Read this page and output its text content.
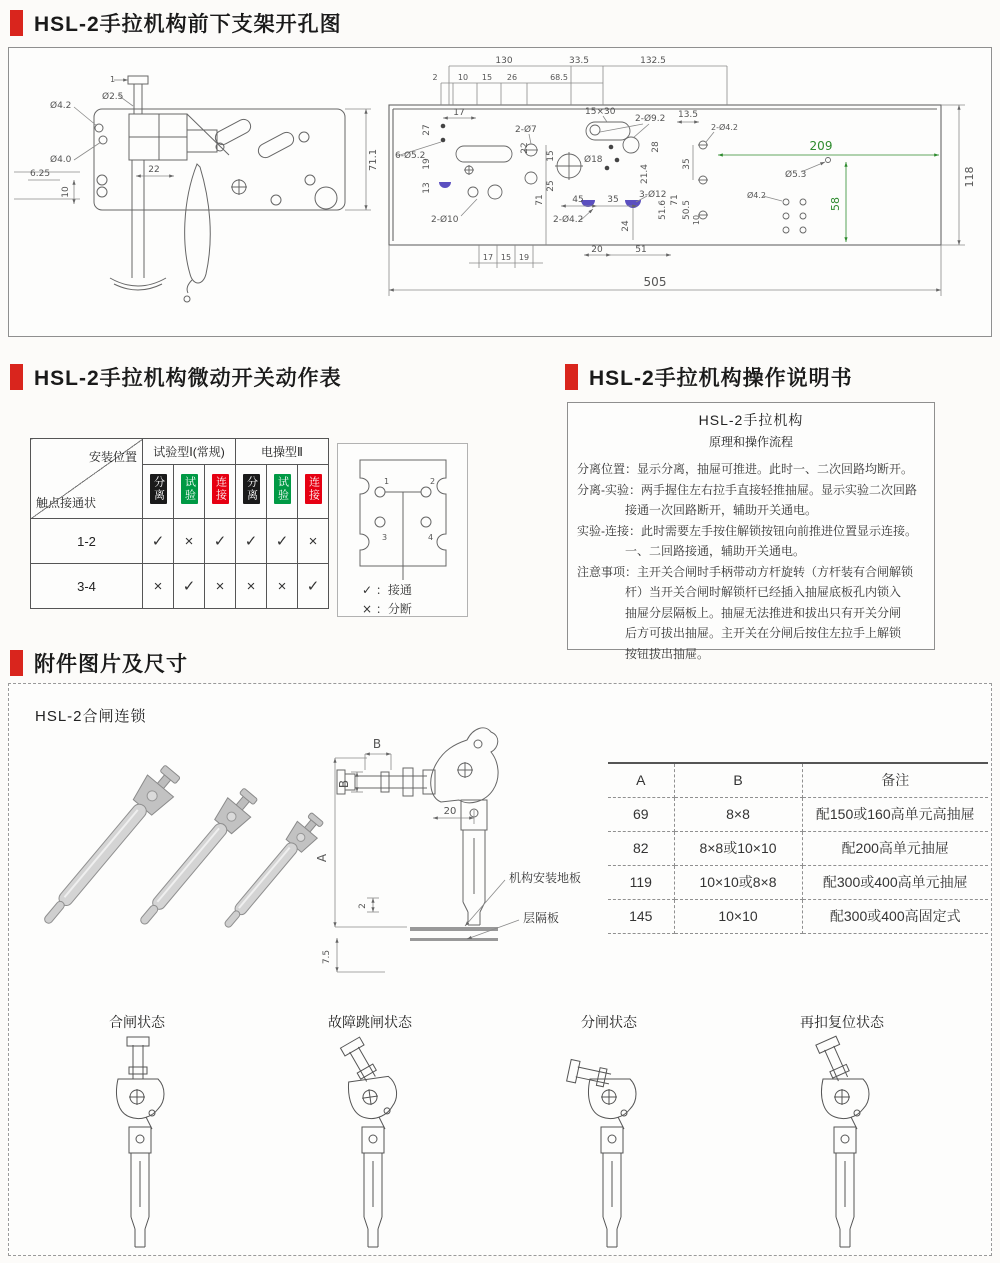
HSL-2手拉机构前下支架开孔图
1
Ø2.5
Ø4.2
Ø4.0
6.25	22
10
71.1
130	33.5	132.5
2	10 15 26	68.5
6-Ø5.2
17
27
19
13
2-Ø10
2-Ø7
15×30
2-Ø9.2 13.5
2-Ø4.2
Ø18
25
15
22	28
21.4
71	45	35 3-Ø12
2-Ø4.2
24
20	51
51.6 71 50.5 10
35
209
Ø5.3
58
Ø4.2
118
505
17 15 19
HSL-2手拉机构微动开关动作表	HSL-2手拉机构操作说明书
安装位置
触点接通状	试验型Ⅰ(常规)			电操型Ⅱ		
	分离	试验	连接	分离	试验	连接
1-2	✓	×	✓	✓	✓	×
3-4	×	✓	×	×	×	✓
1	2
3	4
✓ ：接通
× ：分断
HSL-2手拉机构
原理和操作流程
分离位置：显示分离，抽屉可推进。此时一、二次回路均断开。
分离-实验：两手握住左右拉手直接轻推抽屉。显示实验二次回路
　　　　接通一次回路断开，辅助开关通电。
实验-连接：此时需要左手按住解锁按钮向前推进位置显示连接。
　　　　一、二回路接通，辅助开关通电。
注意事项：主开关合闸时手柄带动方杆旋转（方杆装有合闸解锁
　　　　杆）当开关合闸时解锁杆已经插入抽屉底板孔内锁入
　　　　抽屉分层隔板上。抽屉无法推进和拔出只有开关分闸
　　　　后方可拔出抽屉。主开关在分闸后按住左拉手上解锁
　　　　按钮拔出抽屉。
附件图片及尺寸
HSL-2合闸连锁
B
B
A
20
2
7.5
机构安装地板
层隔板
A	B	备注
69	8×8	配150或160高单元高抽屉
82	8×8或10×10	配200高单元抽屉
119	10×10或8×8	配300或400高单元抽屉
145	10×10	配300或400高固定式
合闸状态	故障跳闸状态	分闸状态	再扣复位状态
